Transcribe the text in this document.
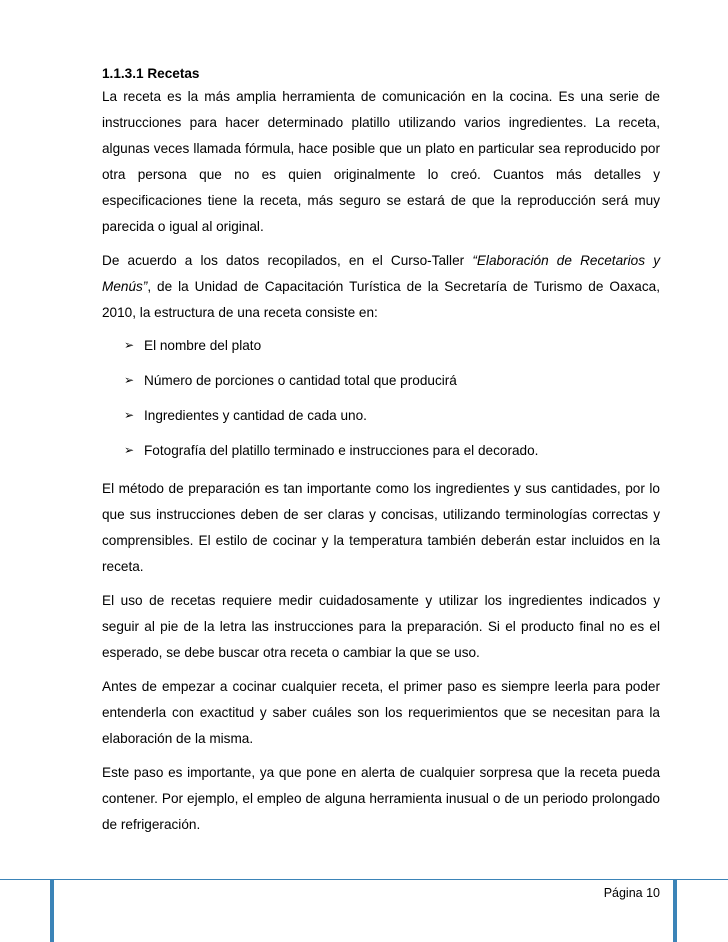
1.1.3.1 Recetas

La receta es la más amplia herramienta de comunicación en la cocina. Es una serie de instrucciones para hacer determinado platillo utilizando varios ingredientes. La receta, algunas veces llamada fórmula, hace posible que un plato en particular sea reproducido por otra persona que no es quien originalmente lo creó. Cuantos más detalles y especificaciones tiene la receta, más seguro se estará de que la reproducción será muy parecida o igual al original.

De acuerdo a los datos recopilados, en el Curso-Taller “Elaboración de Recetarios y Menús”, de la Unidad de Capacitación Turística de la Secretaría de Turismo de Oaxaca, 2010, la estructura de una receta consiste en:

➢ El nombre del plato
➢ Número de porciones o cantidad total que producirá
➢ Ingredientes y cantidad de cada uno.
➢ Fotografía del platillo terminado e instrucciones para el decorado.

El método de preparación es tan importante como los ingredientes y sus cantidades, por lo que sus instrucciones deben de ser claras y concisas, utilizando terminologías correctas y comprensibles. El estilo de cocinar y la temperatura también deberán estar incluidos en la receta.

El uso de recetas requiere medir cuidadosamente y utilizar los ingredientes indicados y seguir al pie de la letra las instrucciones para la preparación. Si el producto final no es el esperado, se debe buscar otra receta o cambiar la que se uso.

Antes de empezar a cocinar cualquier receta, el primer paso es siempre leerla para poder entenderla con exactitud y saber cuáles son los requerimientos que se necesitan para la elaboración de la misma.

Este paso es importante, ya que pone en alerta de cualquier sorpresa que la receta pueda contener. Por ejemplo, el empleo de alguna herramienta inusual o de un periodo prolongado de refrigeración.

Página 10
